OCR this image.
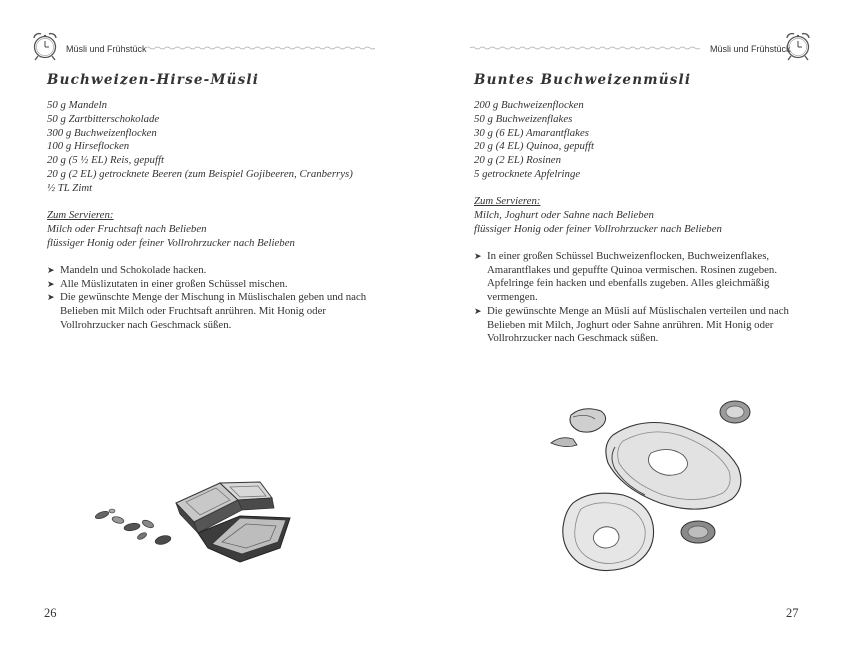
Müsli und Frühstück
Buchweizen-Hirse-Müsli
50 g Mandeln
50 g Zartbitterschokolade
300 g Buchweizenflocken
100 g Hirseflocken
20 g (5 ½ EL) Reis, gepufft
20 g (2 EL) getrocknete Beeren (zum Beispiel Gojibeeren, Cranberrys)
½ TL Zimt
Zum Servieren:
Milch oder Fruchtsaft nach Belieben
flüssiger Honig oder feiner Vollrohrzucker nach Belieben
➤ Mandeln und Schokolade hacken.
➤ Alle Müslizutaten in einer großen Schüssel mischen.
➤ Die gewünschte Menge der Mischung in Müslischalen geben und nach Belieben mit Milch oder Fruchtsaft anrühren. Mit Honig oder Vollrohrzucker nach Geschmack süßen.
26
Müsli und Frühstück
Buntes Buchweizenmüsli
200 g Buchweizenflocken
50 g Buchweizenflakes
30 g (6 EL) Amarantflakes
20 g (4 EL) Quinoa, gepufft
20 g (2 EL) Rosinen
5 getrocknete Apfelringe
Zum Servieren:
Milch, Joghurt oder Sahne nach Belieben
flüssiger Honig oder feiner Vollrohrzucker nach Belieben
➤ In einer großen Schüssel Buchweizenflocken, Buchweizenflakes, Amarantflakes und gepuffte Quinoa vermischen. Rosinen zugeben. Apfelringe fein hacken und ebenfalls zugeben. Alles gleichmäßig vermengen.
➤ Die gewünschte Menge an Müsli auf Müslischalen verteilen und nach Belieben mit Milch, Joghurt oder Sahne anrühren. Mit Honig oder Vollrohrzucker nach Geschmack süßen.
27
